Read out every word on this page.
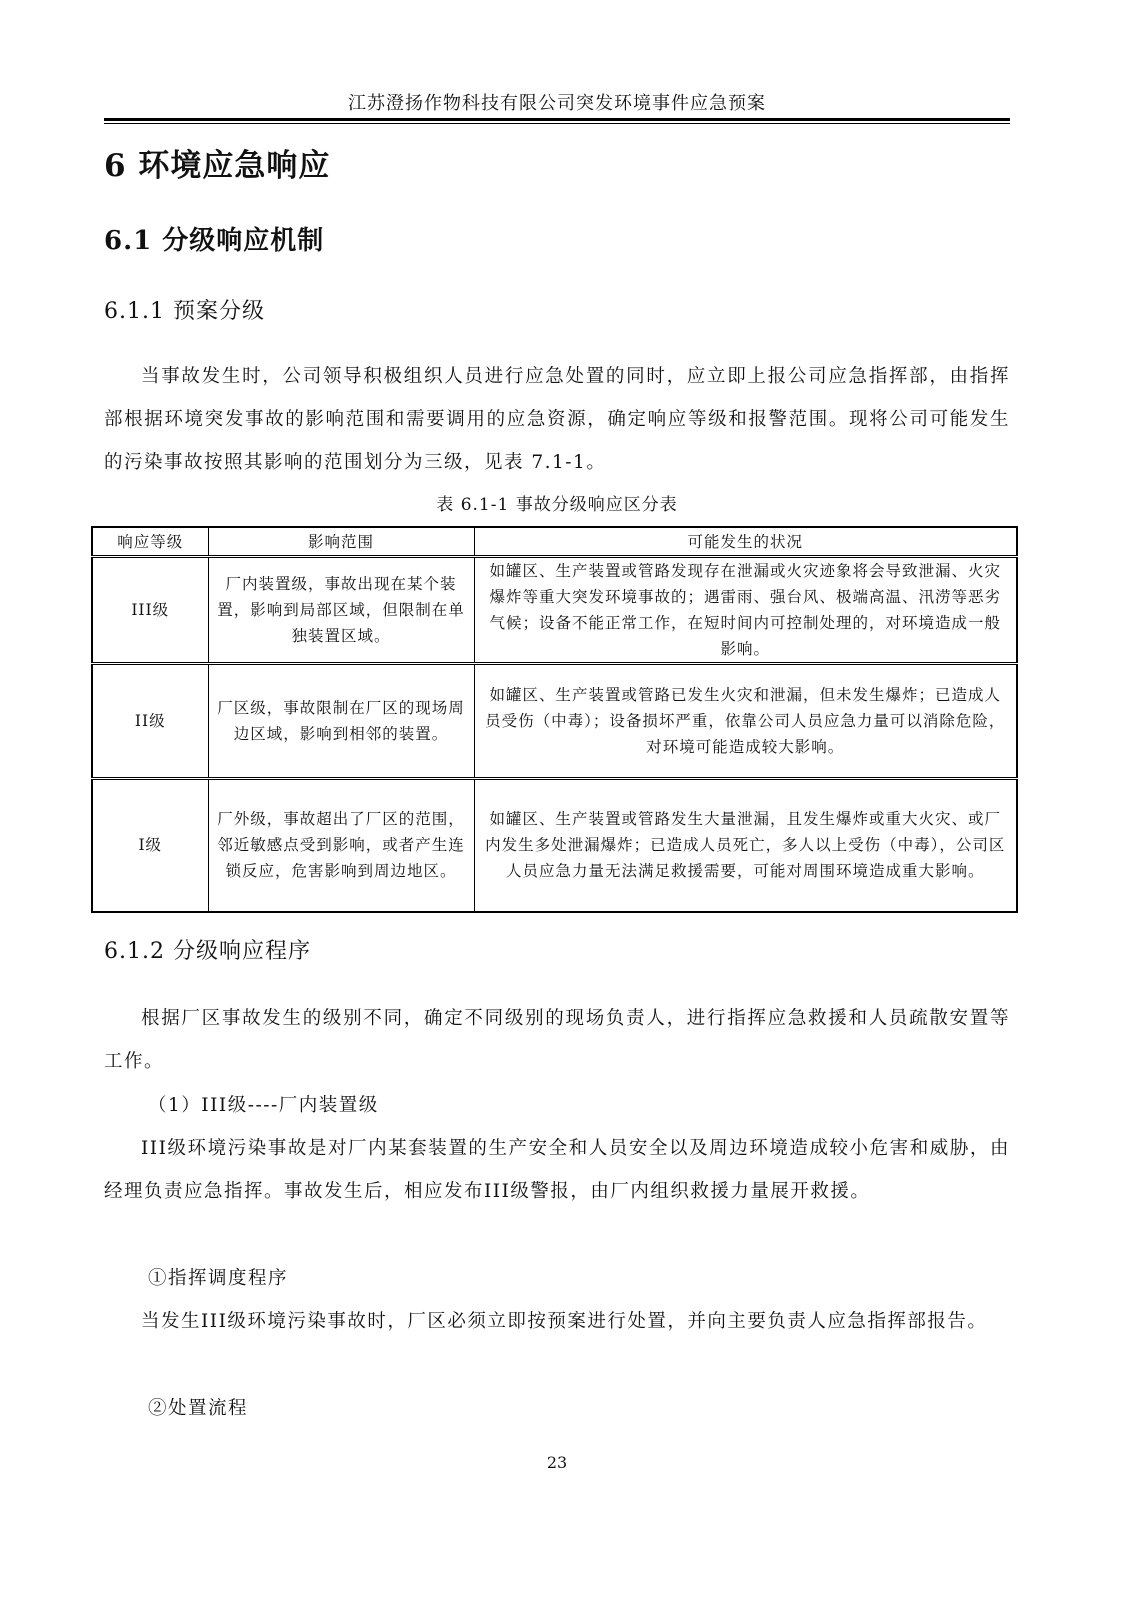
江苏澄扬作物科技有限公司突发环境事件应急预案
6 环境应急响应
6.1 分级响应机制
6.1.1 预案分级

当事故发生时，公司领导积极组织人员进行应急处置的同时，应立即上报公司应急指挥部，由指挥部根据环境突发事故的影响范围和需要调用的应急资源，确定响应等级和报警范围。现将公司可能发生的污染事故按照其影响的范围划分为三级，见表 7.1-1。

表 6.1-1 事故分级响应区分表
响应等级	影响范围	可能发生的状况
III级	厂内装置级，事故出现在某个装置，影响到局部区域，但限制在单独装置区域。	如罐区、生产装置或管路发现存在泄漏或火灾迹象将会导致泄漏、火灾爆炸等重大突发环境事故的；遇雷雨、强台风、极端高温、汛涝等恶劣气候；设备不能正常工作，在短时间内可控制处理的，对环境造成一般影响。
II级	厂区级，事故限制在厂区的现场周边区域，影响到相邻的装置。	如罐区、生产装置或管路已发生火灾和泄漏，但未发生爆炸；已造成人员受伤（中毒）；设备损坏严重，依靠公司人员应急力量可以消除危险，对环境可能造成较大影响。
I级	厂外级，事故超出了厂区的范围，邻近敏感点受到影响，或者产生连锁反应，危害影响到周边地区。	如罐区、生产装置或管路发生大量泄漏，且发生爆炸或重大火灾、或厂内发生多处泄漏爆炸；已造成人员死亡，多人以上受伤（中毒），公司区人员应急力量无法满足救援需要，可能对周围环境造成重大影响。
6.1.2 分级响应程序

根据厂区事故发生的级别不同，确定不同级别的现场负责人，进行指挥应急救援和人员疏散安置等工作。

（1）III级----厂内装置级

III级环境污染事故是对厂内某套装置的生产安全和人员安全以及周边环境造成较小危害和威胁，由经理负责应急指挥。事故发生后，相应发布III级警报，由厂内组织救援力量展开救援。

①指挥调度程序

当发生III级环境污染事故时，厂区必须立即按预案进行处置，并向主要负责人应急指挥部报告。

②处置流程
23
